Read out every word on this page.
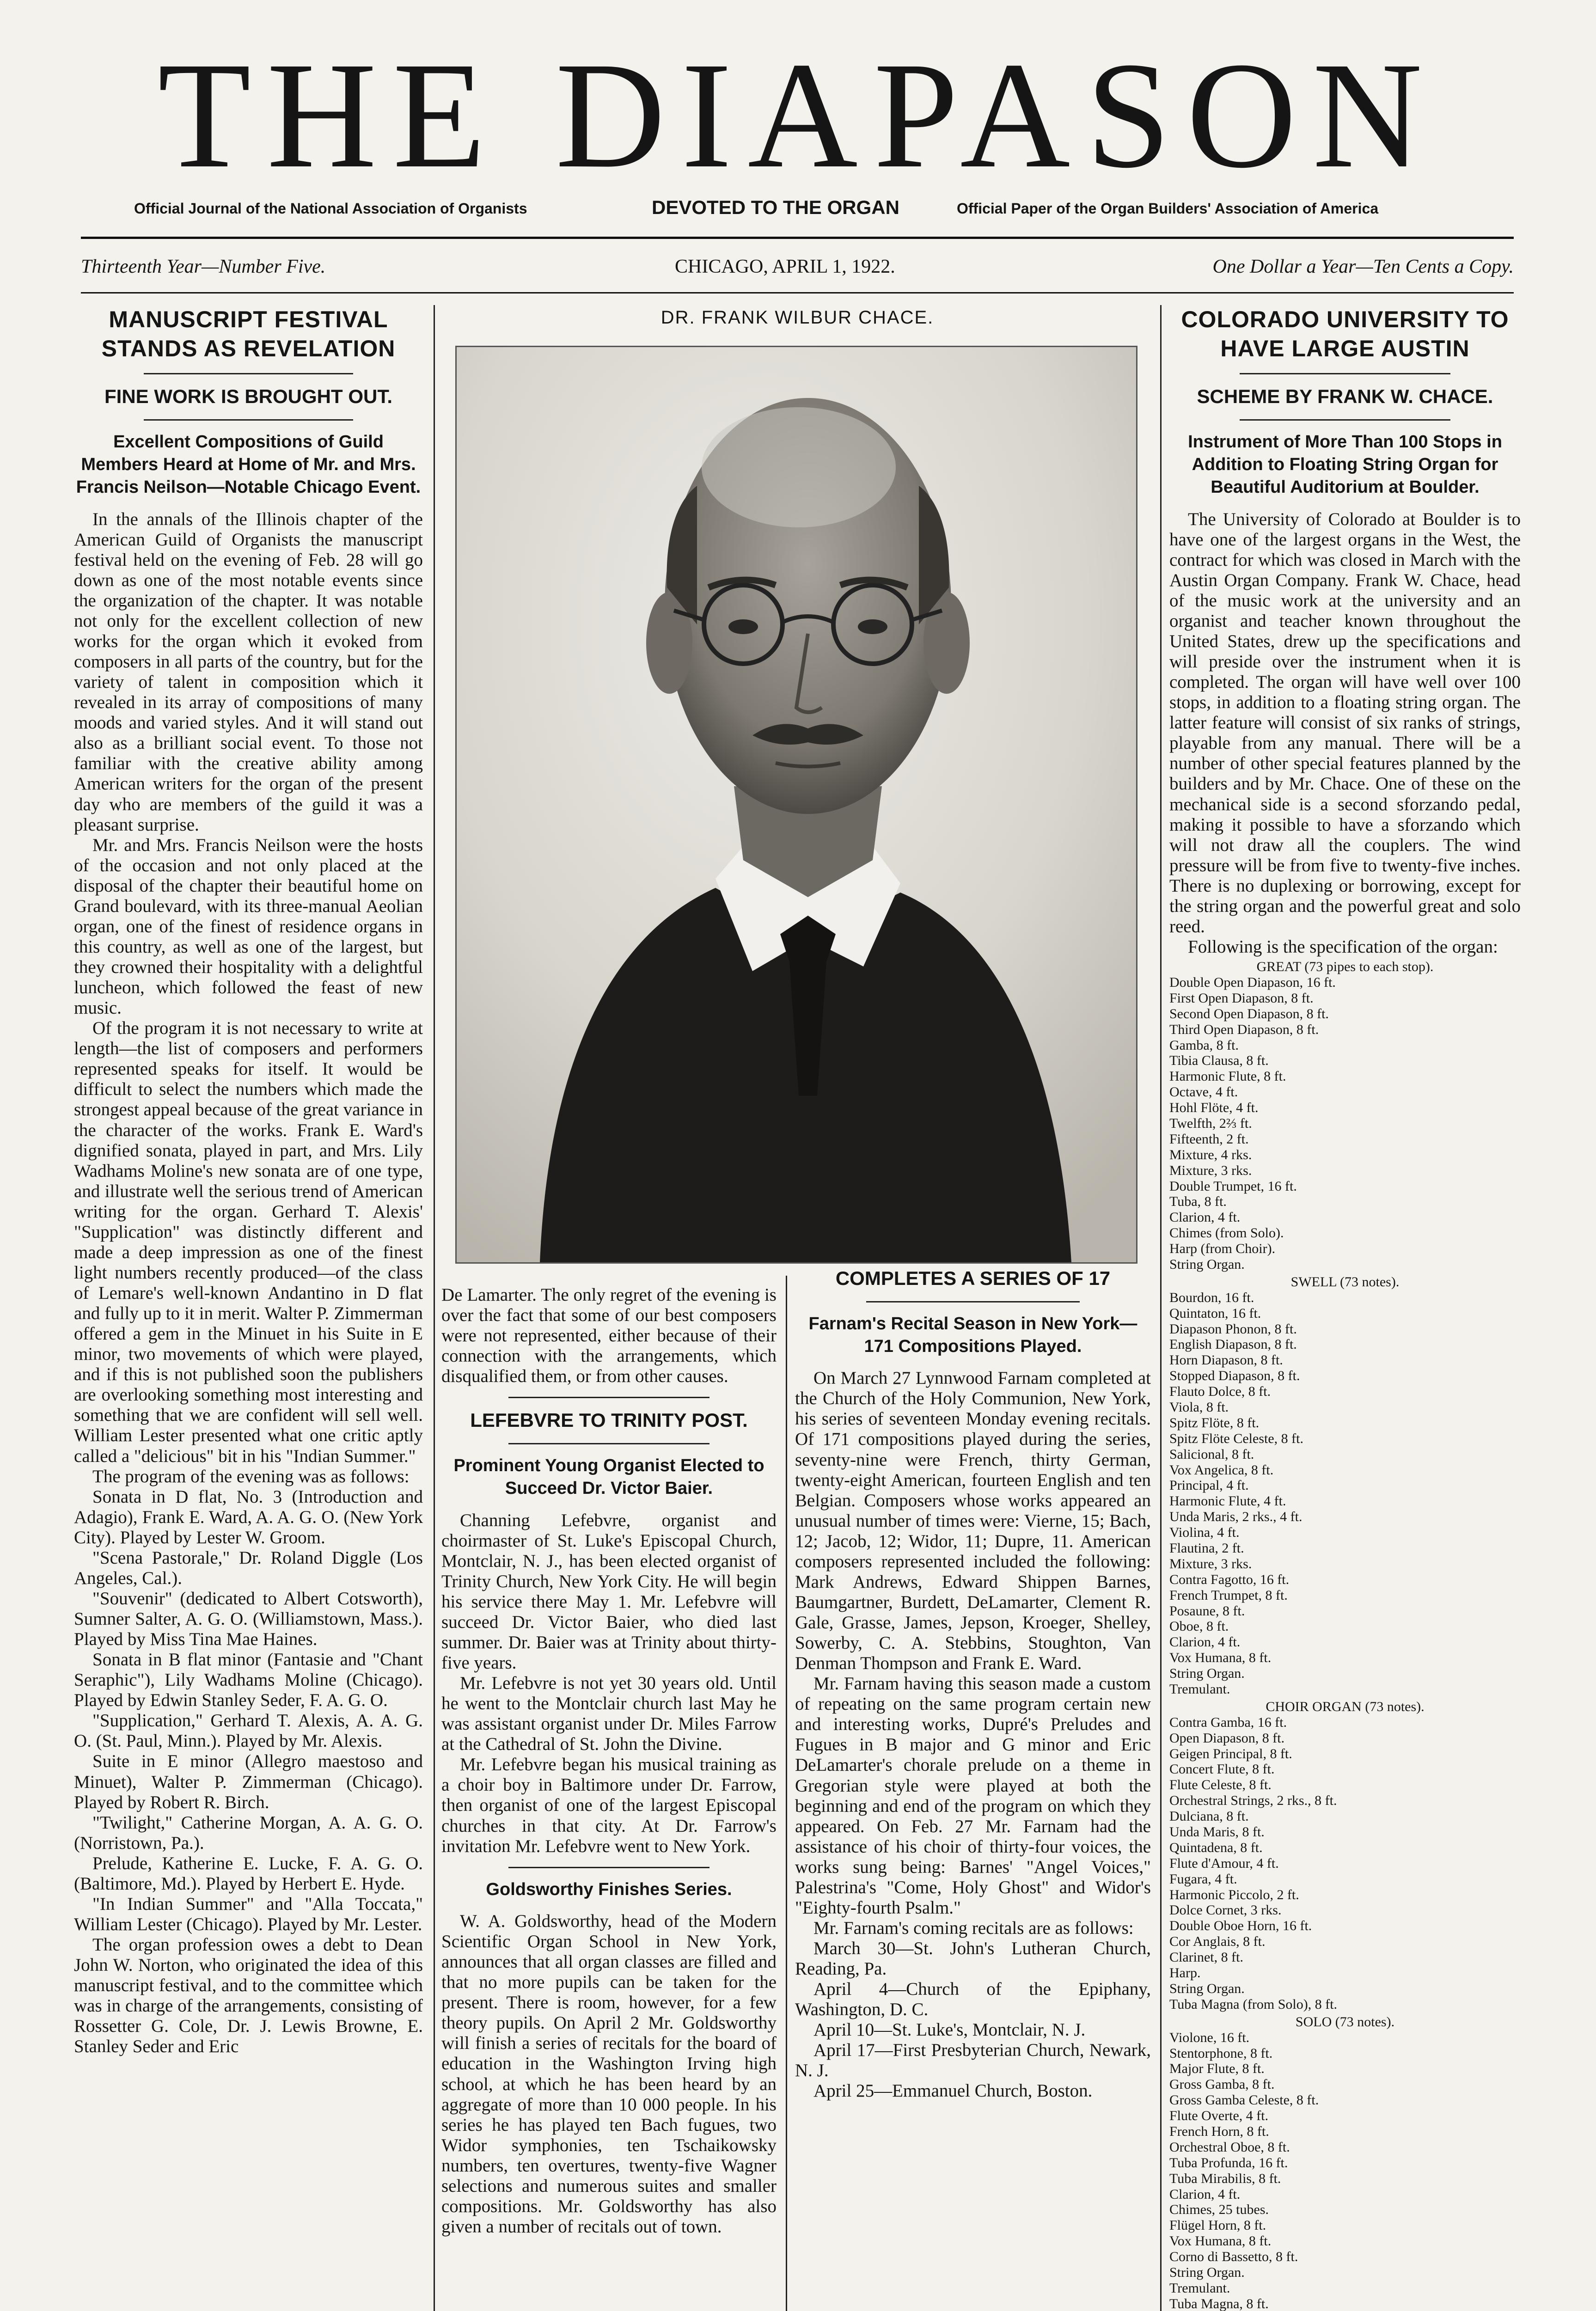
THE DIAPASON
Official Journal of the National Association of Organists	DEVOTED TO THE ORGAN	Official Paper of the Organ Builders' Association of America
Thirteenth Year—Number Five.	CHICAGO, APRIL 1, 1922.	One Dollar a Year—Ten Cents a Copy.
MANUSCRIPT FESTIVAL STANDS AS REVELATION
FINE WORK IS BROUGHT OUT.

Excellent Compositions of Guild Members Heard at Home of Mr. and Mrs. Francis Neilson—Notable Chicago Event.

In the annals of the Illinois chapter of the American Guild of Organists the manuscript festival held on the evening of Feb. 28 will go down as one of the most notable events since the organization of the chapter. It was notable not only for the excellent collection of new works for the organ which it evoked from composers in all parts of the country, but for the variety of talent in composition which it revealed in its array of compositions of many moods and varied styles. And it will stand out also as a brilliant social event. To those not familiar with the creative ability among American writers for the organ of the present day who are members of the guild it was a pleasant surprise.

Mr. and Mrs. Francis Neilson were the hosts of the occasion and not only placed at the disposal of the chapter their beautiful home on Grand boulevard, with its three-manual Aeolian organ, one of the finest of residence organs in this country, as well as one of the largest, but they crowned their hospitality with a delightful luncheon, which followed the feast of new music.

Of the program it is not necessary to write at length—the list of composers and performers represented speaks for itself. It would be difficult to select the numbers which made the strongest appeal because of the great variance in the character of the works. Frank E. Ward's dignified sonata, played in part, and Mrs. Lily Wadhams Moline's new sonata are of one type, and illustrate well the serious trend of American writing for the organ. Gerhard T. Alexis' "Supplication" was distinctly different and made a deep impression as one of the finest light numbers recently produced—of the class of Lemare's well-known Andantino in D flat and fully up to it in merit. Walter P. Zimmerman offered a gem in the Minuet in his Suite in E minor, two movements of which were played, and if this is not published soon the publishers are overlooking something most interesting and something that we are confident will sell well. William Lester presented what one critic aptly called a "delicious" bit in his "Indian Summer."

The program of the evening was as follows:

Sonata in D flat, No. 3 (Introduction and Adagio), Frank E. Ward, A. A. G. O. (New York City). Played by Lester W. Groom.

"Scena Pastorale," Dr. Roland Diggle (Los Angeles, Cal.).

"Souvenir" (dedicated to Albert Cotsworth), Sumner Salter, A. G. O. (Williamstown, Mass.). Played by Miss Tina Mae Haines.

Sonata in B flat minor (Fantasie and "Chant Seraphic"), Lily Wadhams Moline (Chicago). Played by Edwin Stanley Seder, F. A. G. O.

"Supplication," Gerhard T. Alexis, A. A. G. O. (St. Paul, Minn.). Played by Mr. Alexis.

Suite in E minor (Allegro maestoso and Minuet), Walter P. Zimmerman (Chicago). Played by Robert R. Birch.

"Twilight," Catherine Morgan, A. A. G. O. (Norristown, Pa.).

Prelude, Katherine E. Lucke, F. A. G. O. (Baltimore, Md.). Played by Herbert E. Hyde.

"In Indian Summer" and "Alla Toccata," William Lester (Chicago). Played by Mr. Lester.

The organ profession owes a debt to Dean John W. Norton, who originated the idea of this manuscript festival, and to the committee which was in charge of the arrangements, consisting of Rossetter G. Cole, Dr. J. Lewis Browne, E. Stanley Seder and Eric

DR. FRANK WILBUR CHACE.

De Lamarter. The only regret of the evening is over the fact that some of our best composers were not represented, either because of their connection with the arrangements, which disqualified them, or from other causes.

LEFEBVRE TO TRINITY POST.

Prominent Young Organist Elected to Succeed Dr. Victor Baier.

Channing Lefebvre, organist and choirmaster of St. Luke's Episcopal Church, Montclair, N. J., has been elected organist of Trinity Church, New York City. He will begin his service there May 1. Mr. Lefebvre will succeed Dr. Victor Baier, who died last summer. Dr. Baier was at Trinity about thirty-five years.

Mr. Lefebvre is not yet 30 years old. Until he went to the Montclair church last May he was assistant organist under Dr. Miles Farrow at the Cathedral of St. John the Divine.

Mr. Lefebvre began his musical training as a choir boy in Baltimore under Dr. Farrow, then organist of one of the largest Episcopal churches in that city. At Dr. Farrow's invitation Mr. Lefebvre went to New York.

Goldsworthy Finishes Series.

W. A. Goldsworthy, head of the Modern Scientific Organ School in New York, announces that all organ classes are filled and that no more pupils can be taken for the present. There is room, however, for a few theory pupils. On April 2 Mr. Goldsworthy will finish a series of recitals for the board of education in the Washington Irving high school, at which he has been heard by an aggregate of more than 10 000 people. In his series he has played ten Bach fugues, two Widor symphonies, ten Tschaikowsky numbers, ten overtures, twenty-five Wagner selections and numerous suites and smaller compositions. Mr. Goldsworthy has also given a number of recitals out of town.

COMPLETES A SERIES OF 17

Farnam's Recital Season in New York—171 Compositions Played.

On March 27 Lynnwood Farnam completed at the Church of the Holy Communion, New York, his series of seventeen Monday evening recitals. Of 171 compositions played during the series, seventy-nine were French, thirty German, twenty-eight American, fourteen English and ten Belgian. Composers whose works appeared an unusual number of times were: Vierne, 15; Bach, 12; Jacob, 12; Widor, 11; Dupre, 11. American composers represented included the following: Mark Andrews, Edward Shippen Barnes, Baumgartner, Burdett, DeLamarter, Clement R. Gale, Grasse, James, Jepson, Kroeger, Shelley, Sowerby, C. A. Stebbins, Stoughton, Van Denman Thompson and Frank E. Ward.

Mr. Farnam having this season made a custom of repeating on the same program certain new and interesting works, Dupré's Preludes and Fugues in B major and G minor and Eric DeLamarter's chorale prelude on a theme in Gregorian style were played at both the beginning and end of the program on which they appeared. On Feb. 27 Mr. Farnam had the assistance of his choir of thirty-four voices, the works sung being: Barnes' "Angel Voices," Palestrina's "Come, Holy Ghost" and Widor's "Eighty-fourth Psalm."

Mr. Farnam's coming recitals are as follows:

March 30—St. John's Lutheran Church, Reading, Pa.

April 4—Church of the Epiphany, Washington, D. C.

April 10—St. Luke's, Montclair, N. J.

April 17—First Presbyterian Church, Newark, N. J.

April 25—Emmanuel Church, Boston.

COLORADO UNIVERSITY TO HAVE LARGE AUSTIN
SCHEME BY FRANK W. CHACE.

Instrument of More Than 100 Stops in Addition to Floating String Organ for Beautiful Auditorium at Boulder.

The University of Colorado at Boulder is to have one of the largest organs in the West, the contract for which was closed in March with the Austin Organ Company. Frank W. Chace, head of the music work at the university and an organist and teacher known throughout the United States, drew up the specifications and will preside over the instrument when it is completed. The organ will have well over 100 stops, in addition to a floating string organ. The latter feature will consist of six ranks of strings, playable from any manual. There will be a number of other special features planned by the builders and by Mr. Chace. One of these on the mechanical side is a second sforzando pedal, making it possible to have a sforzando which will not draw all the couplers. The wind pressure will be from five to twenty-five inches. There is no duplexing or borrowing, except for the string organ and the powerful great and solo reed.

Following is the specification of the organ:

GREAT (73 pipes to each stop).
Double Open Diapason, 16 ft.
First Open Diapason, 8 ft.
Second Open Diapason, 8 ft.
Third Open Diapason, 8 ft.
Gamba, 8 ft.
Tibia Clausa, 8 ft.
Harmonic Flute, 8 ft.
Octave, 4 ft.
Hohl Flöte, 4 ft.
Twelfth, 2⅔ ft.
Fifteenth, 2 ft.
Mixture, 4 rks.
Mixture, 3 rks.
Double Trumpet, 16 ft.
Tuba, 8 ft.
Clarion, 4 ft.
Chimes (from Solo).
Harp (from Choir).
String Organ.
SWELL (73 notes).
Bourdon, 16 ft.
Quintaton, 16 ft.
Diapason Phonon, 8 ft.
English Diapason, 8 ft.
Horn Diapason, 8 ft.
Stopped Diapason, 8 ft.
Flauto Dolce, 8 ft.
Viola, 8 ft.
Spitz Flöte, 8 ft.
Spitz Flöte Celeste, 8 ft.
Salicional, 8 ft.
Vox Angelica, 8 ft.
Principal, 4 ft.
Harmonic Flute, 4 ft.
Unda Maris, 2 rks., 4 ft.
Violina, 4 ft.
Flautina, 2 ft.
Mixture, 3 rks.
Contra Fagotto, 16 ft.
French Trumpet, 8 ft.
Posaune, 8 ft.
Oboe, 8 ft.
Clarion, 4 ft.
Vox Humana, 8 ft.
String Organ.
Tremulant.
CHOIR ORGAN (73 notes).
Contra Gamba, 16 ft.
Open Diapason, 8 ft.
Geigen Principal, 8 ft.
Concert Flute, 8 ft.
Flute Celeste, 8 ft.
Orchestral Strings, 2 rks., 8 ft.
Dulciana, 8 ft.
Unda Maris, 8 ft.
Quintadena, 8 ft.
Flute d'Amour, 4 ft.
Fugara, 4 ft.
Harmonic Piccolo, 2 ft.
Dolce Cornet, 3 rks.
Double Oboe Horn, 16 ft.
Cor Anglais, 8 ft.
Clarinet, 8 ft.
Harp.
String Organ.
Tuba Magna (from Solo), 8 ft.
SOLO (73 notes).
Violone, 16 ft.
Stentorphone, 8 ft.
Major Flute, 8 ft.
Gross Gamba, 8 ft.
Gross Gamba Celeste, 8 ft.
Flute Overte, 4 ft.
French Horn, 8 ft.
Orchestral Oboe, 8 ft.
Tuba Profunda, 16 ft.
Tuba Mirabilis, 8 ft.
Clarion, 4 ft.
Chimes, 25 tubes.
Flügel Horn, 8 ft.
Vox Humana, 8 ft.
Corno di Bassetto, 8 ft.
String Organ.
Tremulant.
Tuba Magna, 8 ft.
